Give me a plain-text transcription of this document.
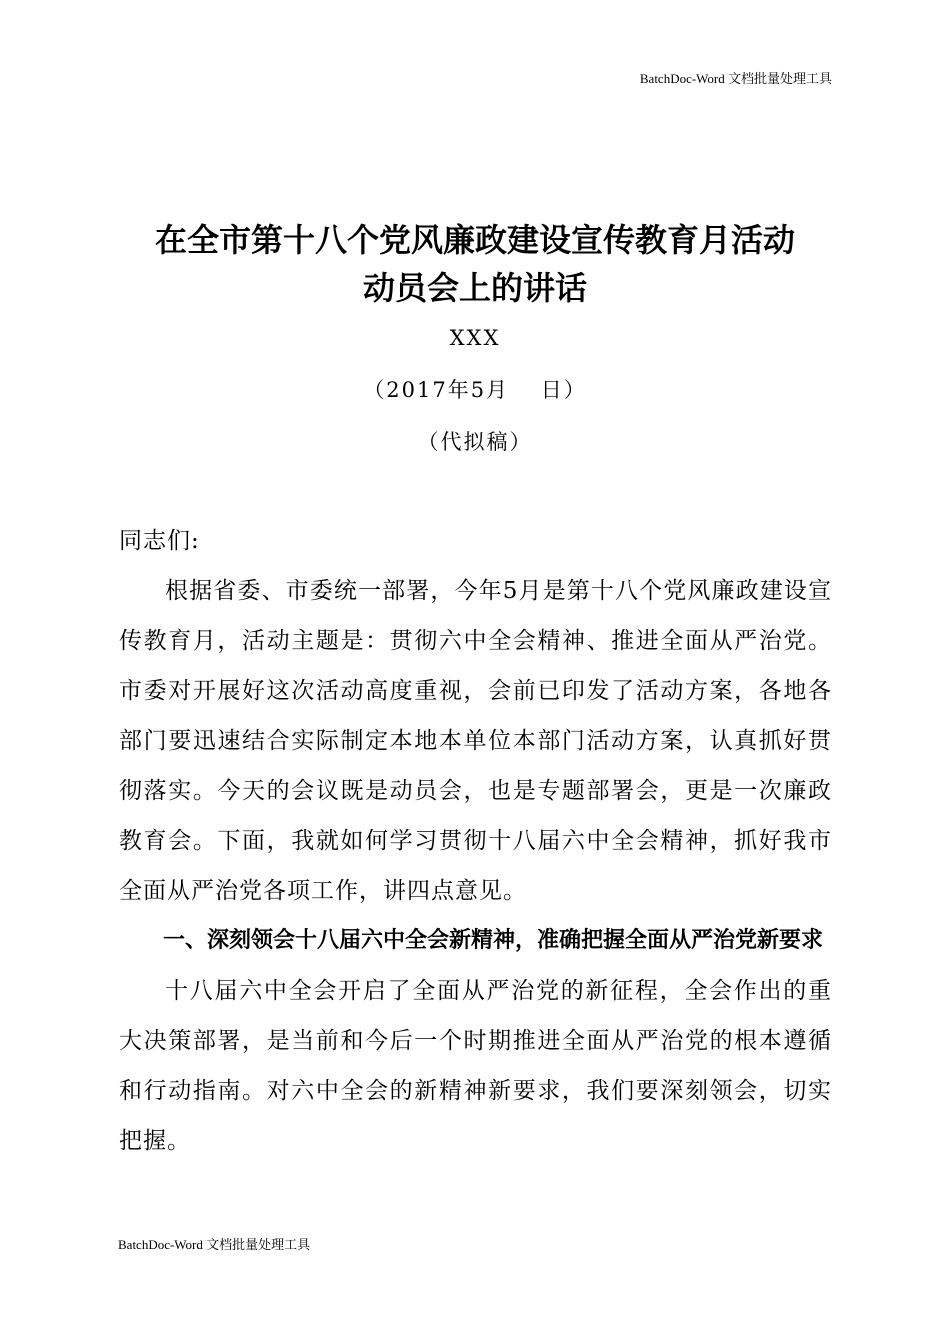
BatchDoc-Word 文档批量处理工具
在全市第十八个党风廉政建设宣传教育月活动
动员会上的讲话
XXX
（2017年5月　 日）
（代拟稿）

同志们:

根据省委、市委统一部署，今年5月是第十八个党风廉政建设宣传教育月，活动主题是：贯彻六中全会精神、推进全面从严治党。市委对开展好这次活动高度重视，会前已印发了活动方案，各地各部门要迅速结合实际制定本地本单位本部门活动方案，认真抓好贯彻落实。今天的会议既是动员会，也是专题部署会，更是一次廉政教育会。下面，我就如何学习贯彻十八届六中全会精神，抓好我市全面从严治党各项工作，讲四点意见。

一、深刻领会十八届六中全会新精神，准确把握全面从严治党新要求

十八届六中全会开启了全面从严治党的新征程，全会作出的重大决策部署，是当前和今后一个时期推进全面从严治党的根本遵循和行动指南。对六中全会的新精神新要求，我们要深刻领会，切实把握。

BatchDoc-Word 文档批量处理工具
